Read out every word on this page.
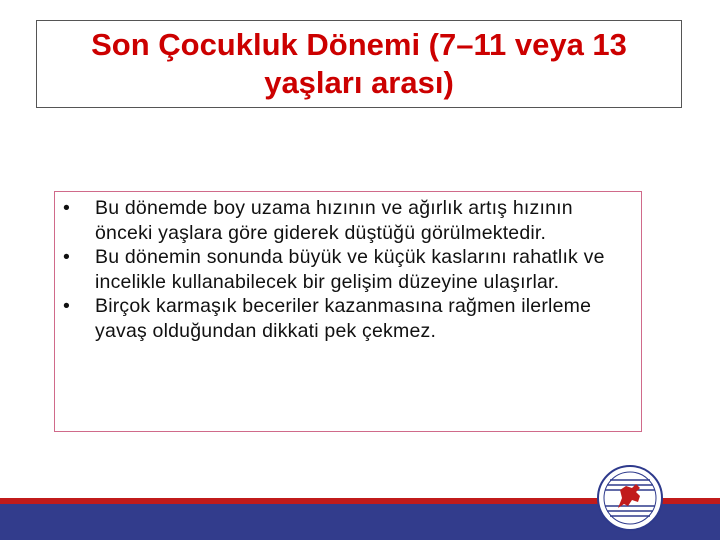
Son Çocukluk Dönemi (7–11 veya 13 yaşları arası)
•	Bu dönemde boy uzama hızının ve ağırlık artış hızının önceki yaşlara göre giderek düştüğü görülmektedir.
•	Bu dönemin sonunda büyük ve küçük kaslarını rahatlık ve incelikle kullanabilecek bir gelişim düzeyine ulaşırlar.
•	Birçok karmaşık beceriler kazanmasına rağmen ilerleme yavaş olduğundan dikkati pek çekmez.
